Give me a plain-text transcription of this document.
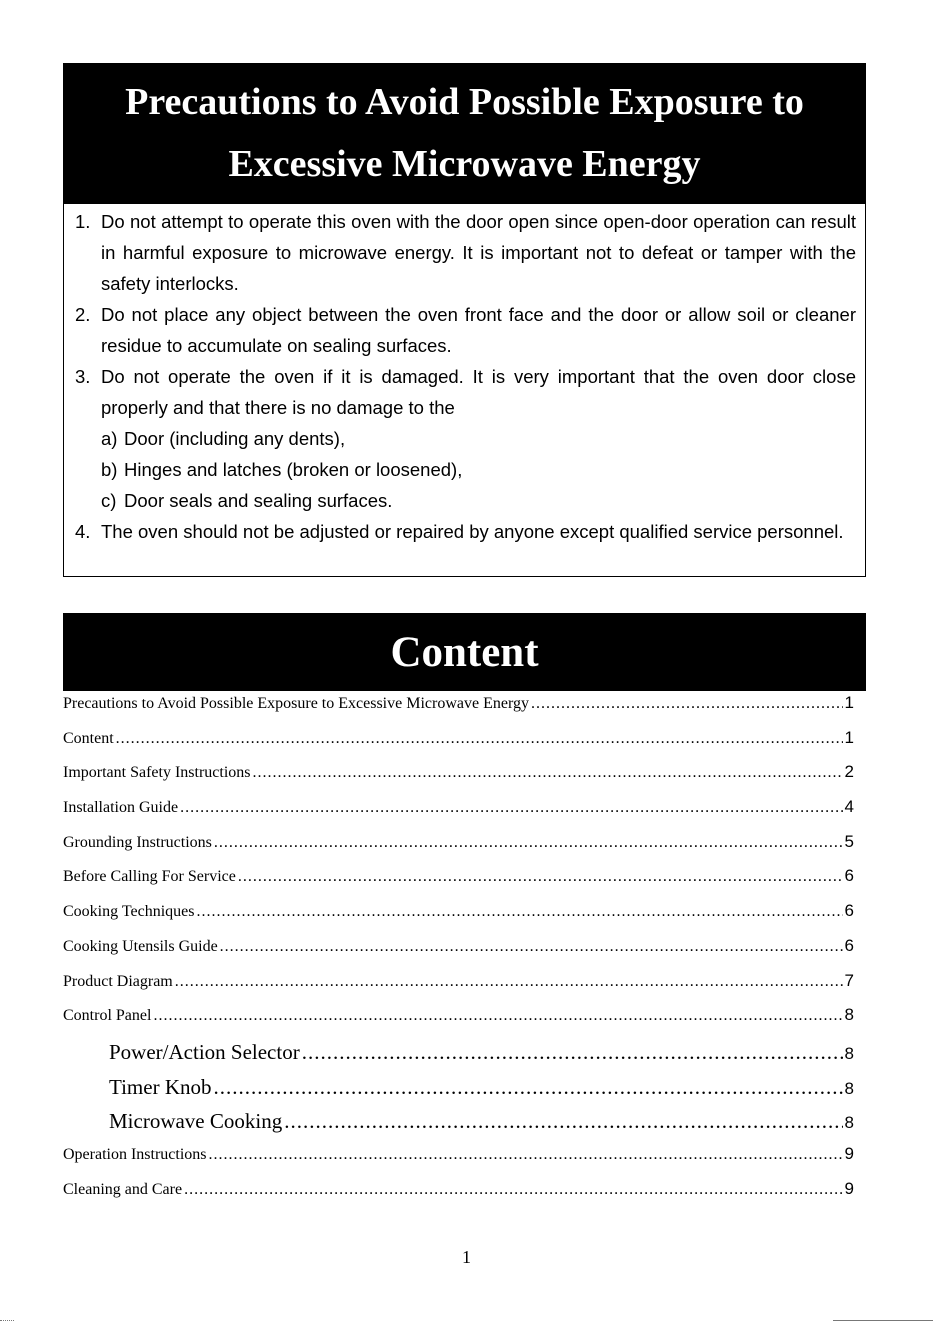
Precautions to Avoid Possible Exposure to
Excessive Microwave Energy
1. Do not attempt to operate this oven with the door open since open-door operation can result in harmful exposure to microwave energy. It is important not to defeat or tamper with the safety interlocks.
2. Do not place any object between the oven front face and the door or allow soil or cleaner residue to accumulate on sealing surfaces.
3. Do not operate the oven if it is damaged. It is very important that the oven door close properly and that there is no damage to the
a) Door (including any dents),
b) Hinges and latches (broken or loosened),
c) Door seals and sealing surfaces.
4. The oven should not be adjusted or repaired by anyone except qualified service personnel.
Content
Precautions to Avoid Possible Exposure to Excessive Microwave Energy .....	1
Content .....	1
Important Safety Instructions .....	2
Installation Guide .....	4
Grounding Instructions .....	5
Before Calling For Service .....	6
Cooking Techniques .....	6
Cooking Utensils Guide .....	6
Product Diagram .....	7
Control Panel .....	8
Power/Action Selector .....	8
Timer Knob .....	8
Microwave Cooking .....	8
Operation Instructions .....	9
Cleaning and Care .....	9
1
